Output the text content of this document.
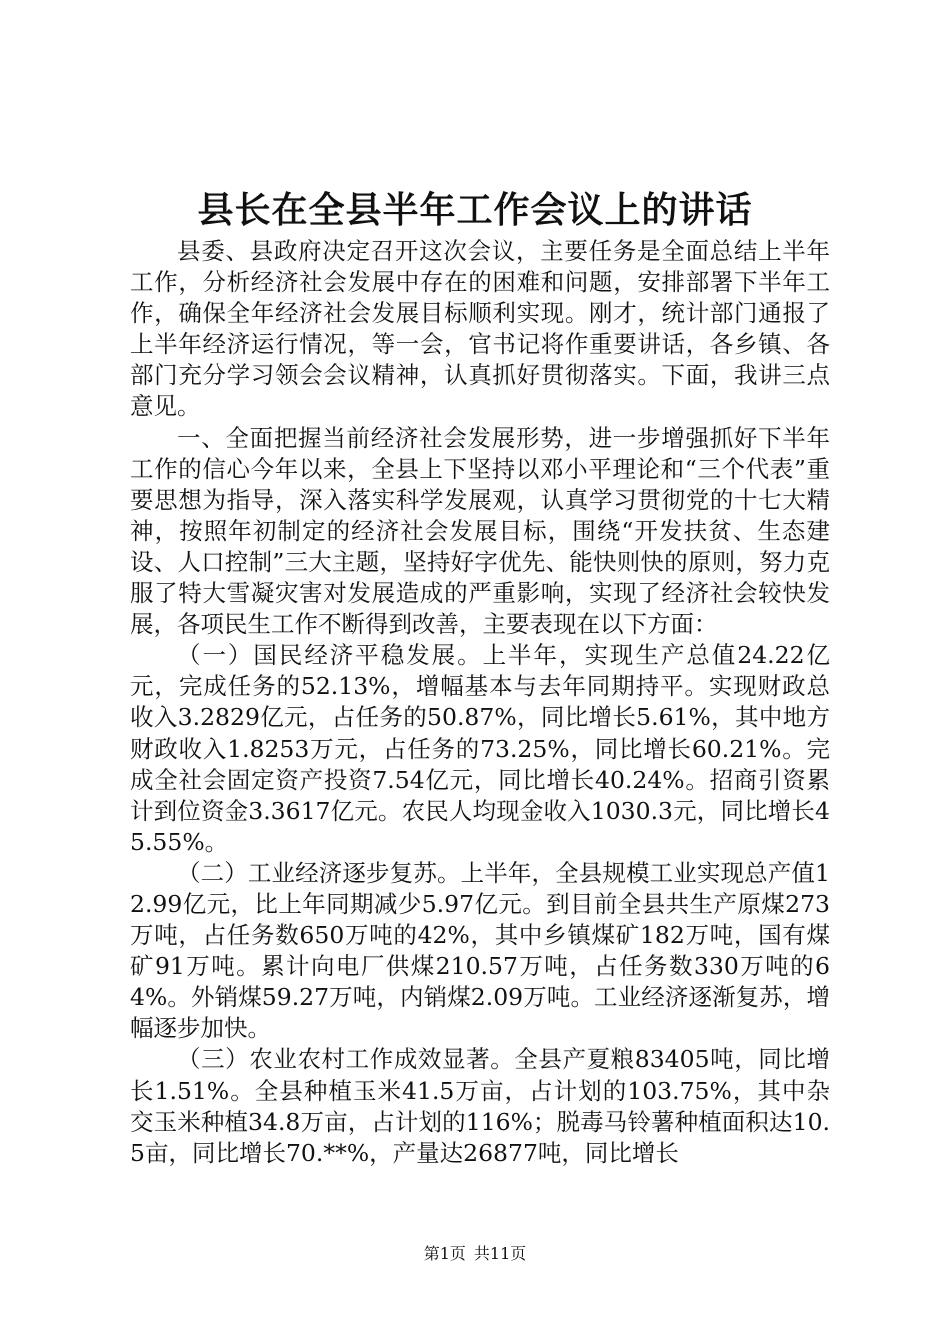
县长在全县半年工作会议上的讲话

县委、县政府决定召开这次会议，主要任务是全面总结上半年工作，分析经济社会发展中存在的困难和问题，安排部署下半年工作，确保全年经济社会发展目标顺利实现。刚才，统计部门通报了上半年经济运行情况，等一会，官书记将作重要讲话，各乡镇、各部门充分学习领会会议精神，认真抓好贯彻落实。下面，我讲三点意见。

一、全面把握当前经济社会发展形势，进一步增强抓好下半年工作的信心今年以来，全县上下坚持以邓小平理论和“三个代表”重要思想为指导，深入落实科学发展观，认真学习贯彻党的十七大精神，按照年初制定的经济社会发展目标，围绕“开发扶贫、生态建设、人口控制”三大主题，坚持好字优先、能快则快的原则，努力克服了特大雪凝灾害对发展造成的严重影响，实现了经济社会较快发展，各项民生工作不断得到改善，主要表现在以下方面：

（一）国民经济平稳发展。上半年，实现生产总值24.22亿元，完成任务的52.13%，增幅基本与去年同期持平。实现财政总收入3.2829亿元，占任务的50.87%，同比增长5.61%，其中地方财政收入1.8253万元，占任务的73.25%，同比增长60.21%。完成全社会固定资产投资7.54亿元，同比增长40.24%。招商引资累计到位资金3.3617亿元。农民人均现金收入1030.3元，同比增长45.55%。

（二）工业经济逐步复苏。上半年，全县规模工业实现总产值12.99亿元，比上年同期减少5.97亿元。到目前全县共生产原煤273万吨，占任务数650万吨的42%，其中乡镇煤矿182万吨，国有煤矿91万吨。累计向电厂供煤210.57万吨，占任务数330万吨的64%。外销煤59.27万吨，内销煤2.09万吨。工业经济逐渐复苏，增幅逐步加快。

（三）农业农村工作成效显著。全县产夏粮83405吨，同比增长1.51%。全县种植玉米41.5万亩，占计划的103.75%，其中杂交玉米种植34.8万亩，占计划的116%；脱毒马铃薯种植面积达10.5亩，同比增长70.**%，产量达26877吨，同比增长

第1页 共11页
